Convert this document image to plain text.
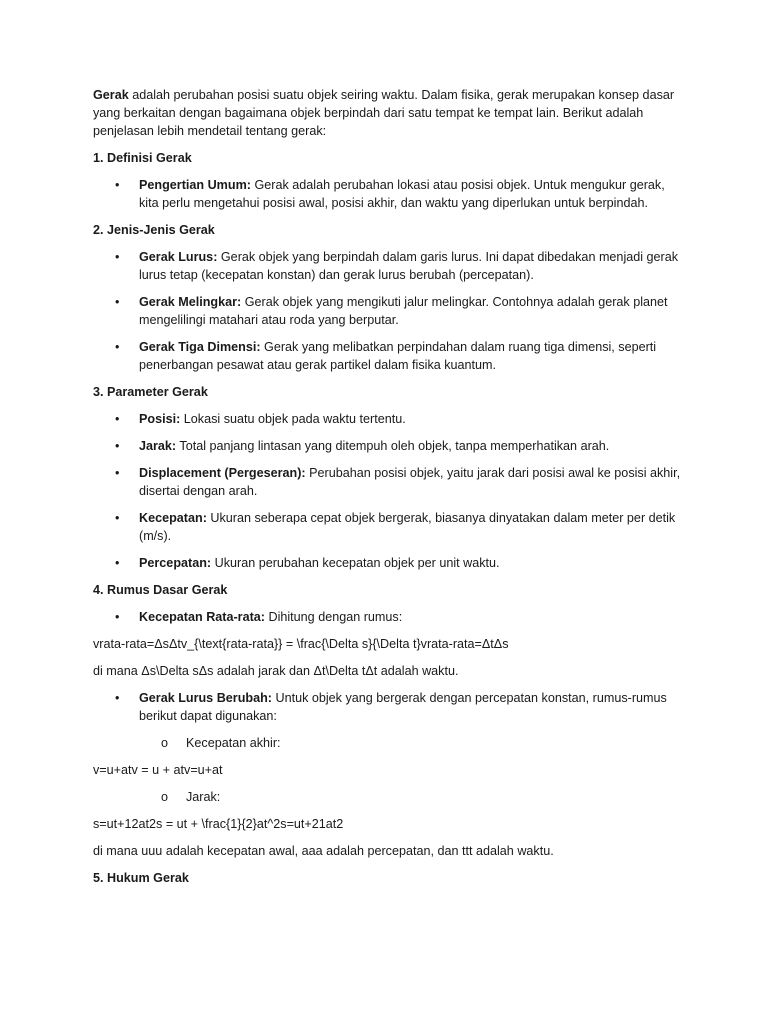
Gerak adalah perubahan posisi suatu objek seiring waktu. Dalam fisika, gerak merupakan konsep dasar yang berkaitan dengan bagaimana objek berpindah dari satu tempat ke tempat lain. Berikut adalah penjelasan lebih mendetail tentang gerak:

1. Definisi Gerak

• Pengertian Umum: Gerak adalah perubahan lokasi atau posisi objek. Untuk mengukur gerak, kita perlu mengetahui posisi awal, posisi akhir, dan waktu yang diperlukan untuk berpindah.

2. Jenis-Jenis Gerak

• Gerak Lurus: Gerak objek yang berpindah dalam garis lurus. Ini dapat dibedakan menjadi gerak lurus tetap (kecepatan konstan) dan gerak lurus berubah (percepatan).
• Gerak Melingkar: Gerak objek yang mengikuti jalur melingkar. Contohnya adalah gerak planet mengelilingi matahari atau roda yang berputar.
• Gerak Tiga Dimensi: Gerak yang melibatkan perpindahan dalam ruang tiga dimensi, seperti penerbangan pesawat atau gerak partikel dalam fisika kuantum.

3. Parameter Gerak

• Posisi: Lokasi suatu objek pada waktu tertentu.
• Jarak: Total panjang lintasan yang ditempuh oleh objek, tanpa memperhatikan arah.
• Displacement (Pergeseran): Perubahan posisi objek, yaitu jarak dari posisi awal ke posisi akhir, disertai dengan arah.
• Kecepatan: Ukuran seberapa cepat objek bergerak, biasanya dinyatakan dalam meter per detik (m/s).
• Percepatan: Ukuran perubahan kecepatan objek per unit waktu.

4. Rumus Dasar Gerak

• Kecepatan Rata-rata: Dihitung dengan rumus:

vrata-rata=ΔsΔtv_{\text{rata-rata}} = \frac{\Delta s}{\Delta t}vrata-rata=ΔtΔs

di mana Δs\Delta sΔs adalah jarak dan Δt\Delta tΔt adalah waktu.

• Gerak Lurus Berubah: Untuk objek yang bergerak dengan percepatan konstan, rumus-rumus berikut dapat digunakan:
o Kecepatan akhir:

v=u+atv = u + atv=u+at

o Jarak:

s=ut+12at2s = ut + \frac{1}{2}at^2s=ut+21at2

di mana uuu adalah kecepatan awal, aaa adalah percepatan, dan ttt adalah waktu.

5. Hukum Gerak
